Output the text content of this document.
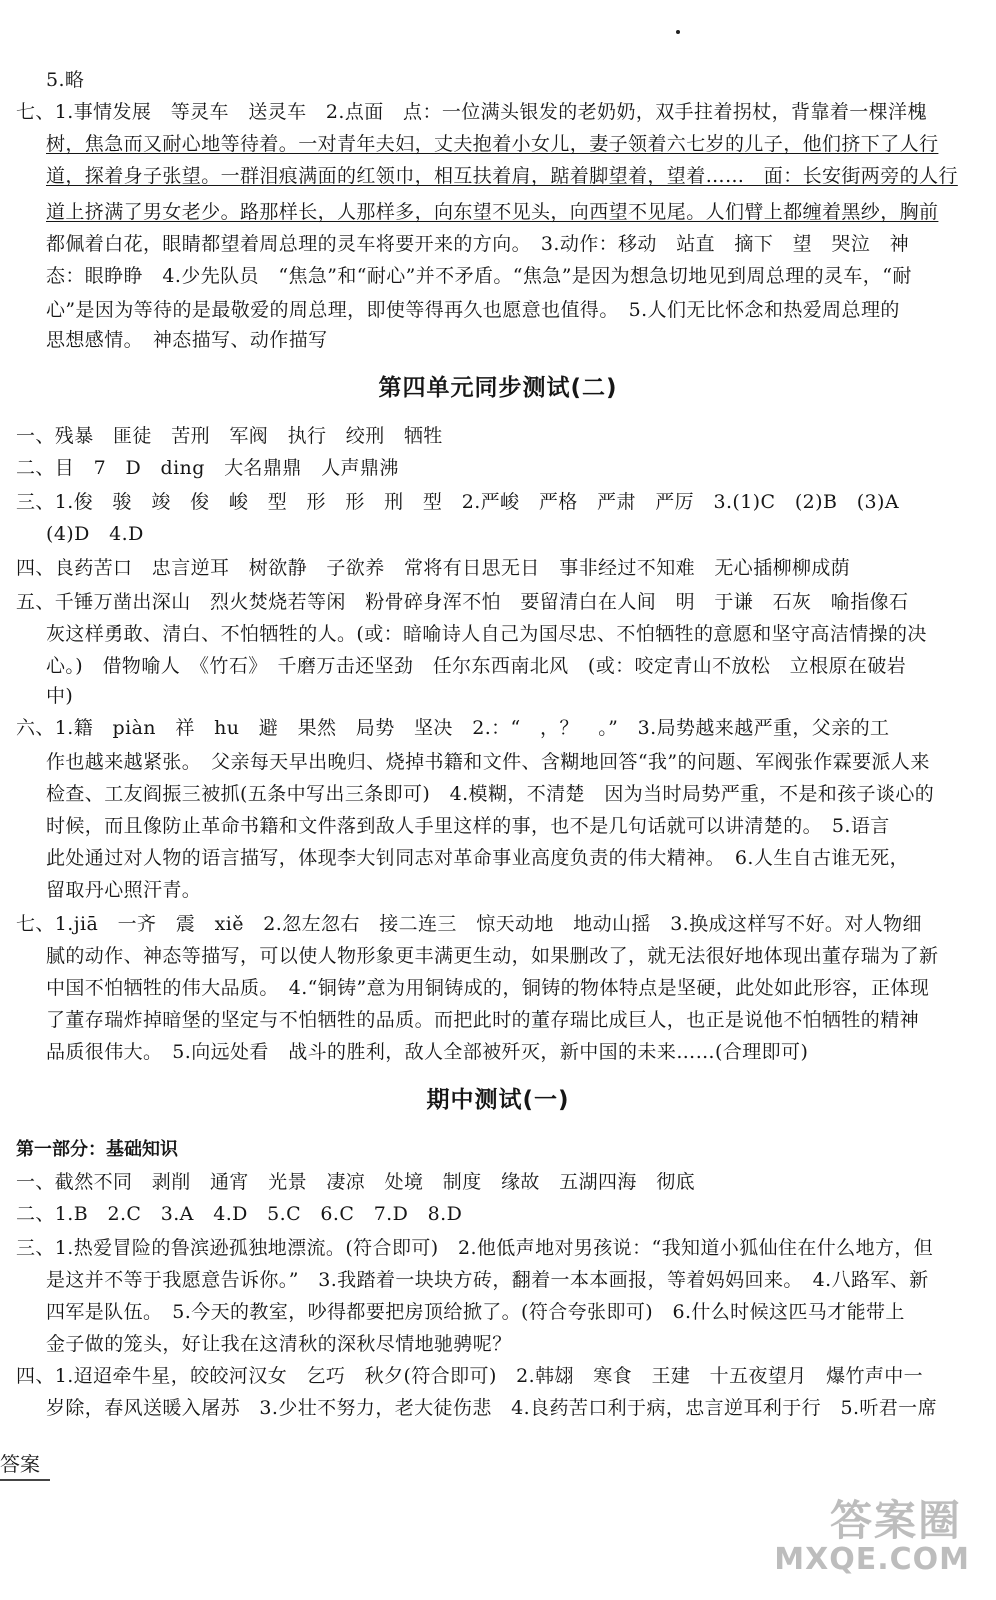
5.略
七、1.事情发展　等灵车　送灵车　2.点面　点：一位满头银发的老奶奶，双手拄着拐杖，背靠着一棵洋槐
树，焦急而又耐心地等待着。一对青年夫妇，丈夫抱着小女儿，妻子领着六七岁的儿子，他们挤下了人行
道，探着身子张望。一群泪痕满面的红领巾，相互扶着肩，踮着脚望着，望着……　面：长安街两旁的人行
道上挤满了男女老少。路那样长，人那样多，向东望不见头，向西望不见尾。人们臂上都缠着黑纱，胸前
都佩着白花，眼睛都望着周总理的灵车将要开来的方向。　3.动作：移动　站直　摘下　望　哭泣　神
态：眼睁睁　4.少先队员　“焦急”和“耐心”并不矛盾。“焦急”是因为想急切地见到周总理的灵车，“耐
心”是因为等待的是最敬爱的周总理，即使等得再久也愿意也值得。　5.人们无比怀念和热爱周总理的
思想感情。　神态描写、动作描写
第四单元同步测试(二)
一、残暴　匪徒　苦刑　军阀　执行　绞刑　牺牲
二、目　7　D　ding　大名鼎鼎　人声鼎沸
三、1.俊　骏　竣　俊　峻　型　形　形　刑　型　2.严峻　严格　严肃　严厉　3.(1)C　(2)B　(3)A
(4)D　4.D
四、良药苦口　忠言逆耳　树欲静　子欲养　常将有日思无日　事非经过不知难　无心插柳柳成荫
五、千锤万凿出深山　烈火焚烧若等闲　粉骨碎身浑不怕　要留清白在人间　明　于谦　石灰　喻指像石
灰这样勇敢、清白、不怕牺牲的人。(或：暗喻诗人自己为国尽忠、不怕牺牲的意愿和坚守高洁情操的决
心。)　借物喻人　《竹石》　千磨万击还坚劲　任尔东西南北风　(或：咬定青山不放松　立根原在破岩
中)
六、1.籍　piàn　祥　hu　避　果然　局势　坚决　2.：“　，？　。”　3.局势越来越严重，父亲的工
作也越来越紧张。　父亲每天早出晚归、烧掉书籍和文件、含糊地回答“我”的问题、军阀张作霖要派人来
检查、工友阎振三被抓(五条中写出三条即可)　4.模糊，不清楚　因为当时局势严重，不是和孩子谈心的
时候，而且像防止革命书籍和文件落到敌人手里这样的事，也不是几句话就可以讲清楚的。　5.语言
此处通过对人物的语言描写，体现李大钊同志对革命事业高度负责的伟大精神。　6.人生自古谁无死，
留取丹心照汗青。
七、1.jiā　一齐　震　xiě　2.忽左忽右　接二连三　惊天动地　地动山摇　3.换成这样写不好。对人物细
腻的动作、神态等描写，可以使人物形象更丰满更生动，如果删改了，就无法很好地体现出董存瑞为了新
中国不怕牺牲的伟大品质。　4.“铜铸”意为用铜铸成的，铜铸的物体特点是坚硬，此处如此形容，正体现
了董存瑞炸掉暗堡的坚定与不怕牺牲的品质。而把此时的董存瑞比成巨人，也正是说他不怕牺牲的精神
品质很伟大。　5.向远处看　战斗的胜利，敌人全部被歼灭，新中国的未来……(合理即可)
期中测试(一)
第一部分：基础知识
一、截然不同　剥削　通宵　光景　凄凉　处境　制度　缘故　五湖四海　彻底
二、1.B　2.C　3.A　4.D　5.C　6.C　7.D　8.D
三、1.热爱冒险的鲁滨逊孤独地漂流。(符合即可)　2.他低声地对男孩说：“我知道小狐仙住在什么地方，但
是这并不等于我愿意告诉你。”　3.我踏着一块块方砖，翻着一本本画报，等着妈妈回来。　4.八路军、新
四军是队伍。　5.今天的教室，吵得都要把房顶给掀了。(符合夸张即可)　6.什么时候这匹马才能带上
金子做的笼头，好让我在这清秋的深秋尽情地驰骋呢？
四、1.迢迢牵牛星，皎皎河汉女　乞巧　秋夕(符合即可)　2.韩翃　寒食　王建　十五夜望月　爆竹声中一
岁除，春风送暖入屠苏　3.少壮不努力，老大徒伤悲　4.良药苦口利于病，忠言逆耳利于行　5.听君一席
答案
答案圈
MXQE.COM
